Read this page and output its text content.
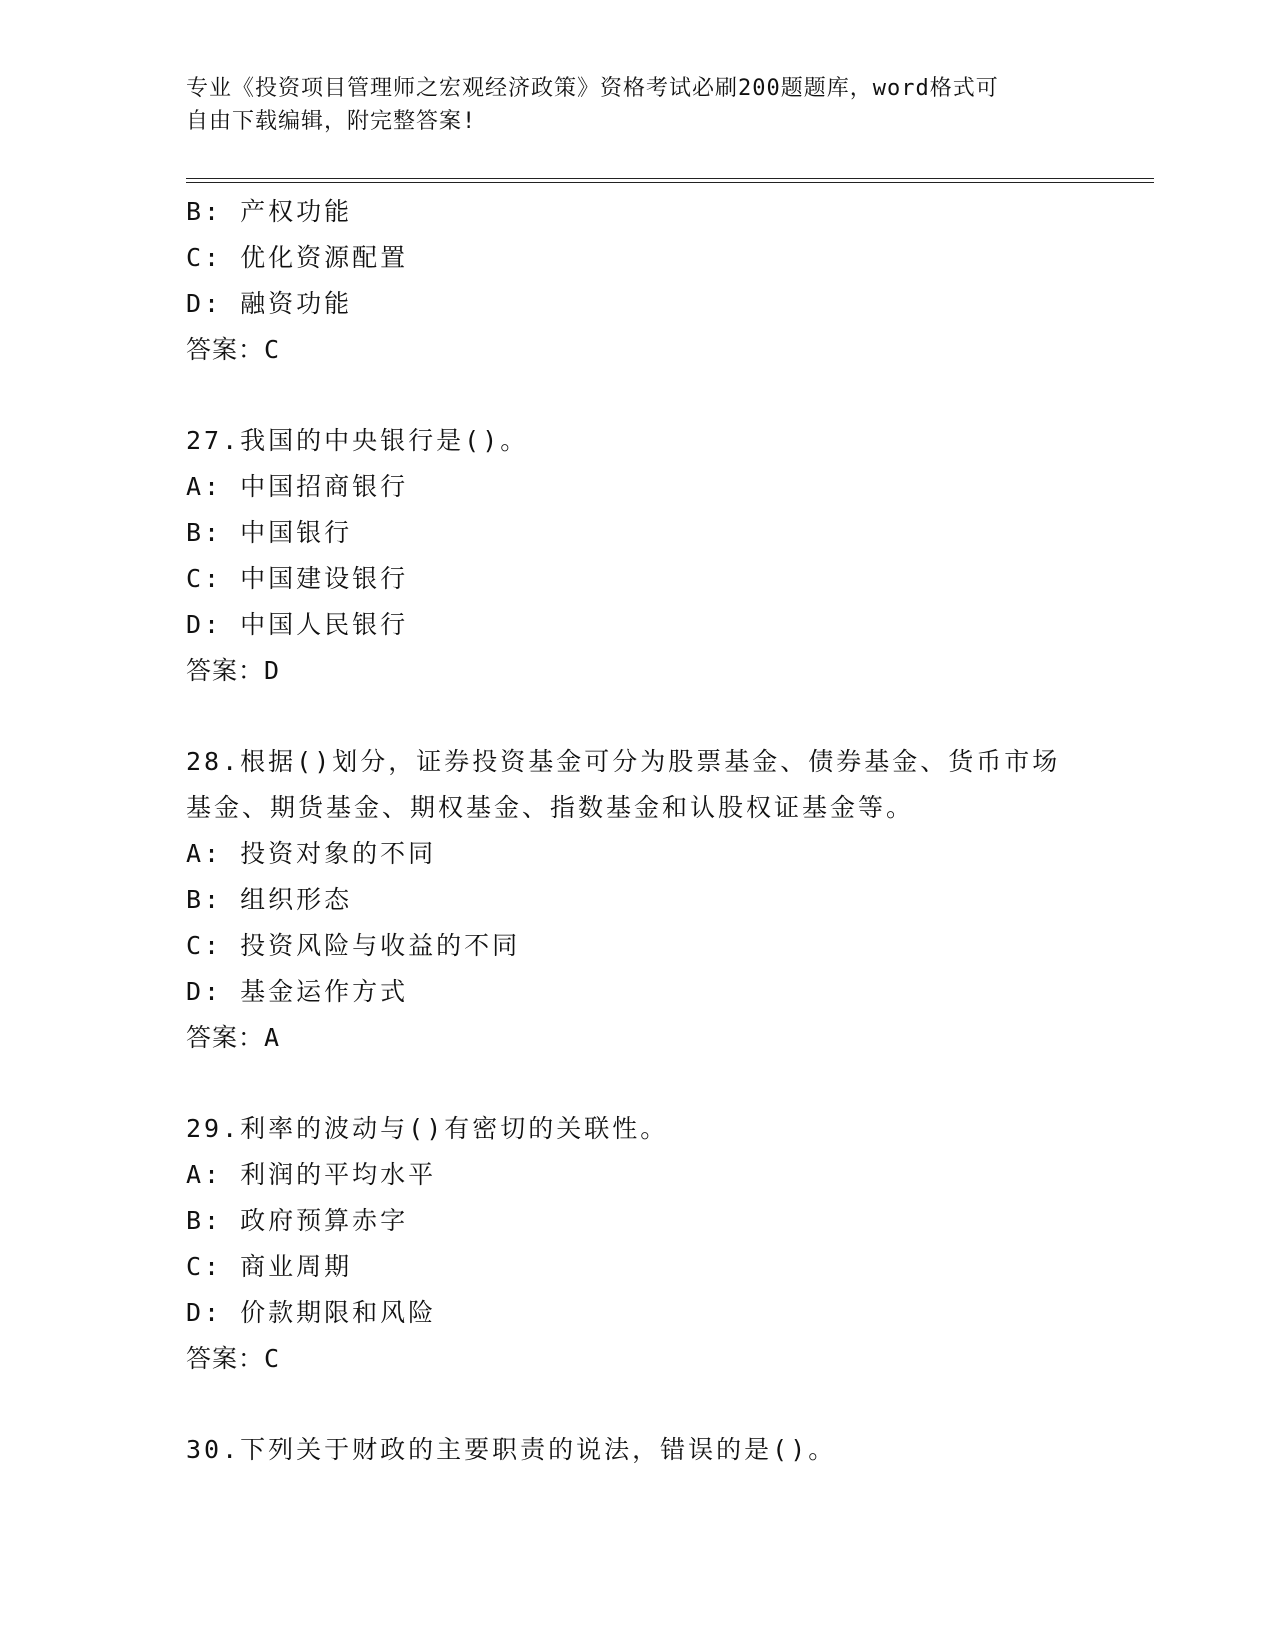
专业《投资项目管理师之宏观经济政策》资格考试必刷200题题库，word格式可
自由下载编辑，附完整答案!
B: 产权功能
C: 优化资源配置
D: 融资功能
答案：C
27.我国的中央银行是()。
A: 中国招商银行
B: 中国银行
C: 中国建设银行
D: 中国人民银行
答案：D
28.根据()划分，证券投资基金可分为股票基金、债券基金、货币市场
基金、期货基金、期权基金、指数基金和认股权证基金等。
A: 投资对象的不同
B: 组织形态
C: 投资风险与收益的不同
D: 基金运作方式
答案：A
29.利率的波动与()有密切的关联性。
A: 利润的平均水平
B: 政府预算赤字
C: 商业周期
D: 价款期限和风险
答案：C
30.下列关于财政的主要职责的说法，错误的是()。
